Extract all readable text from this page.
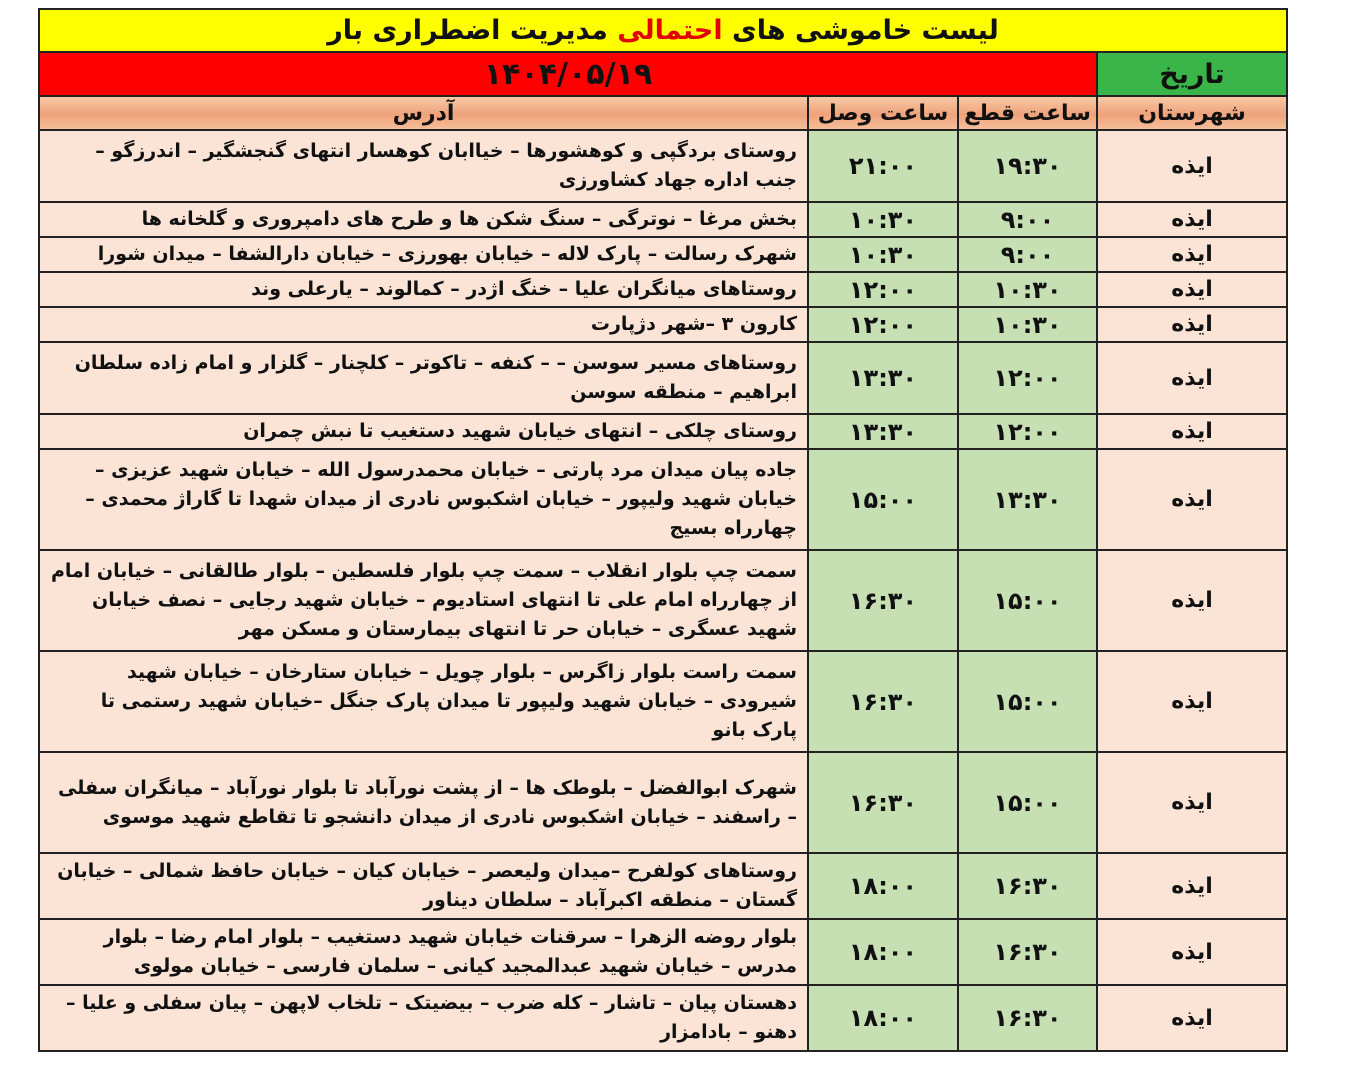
لیست خاموشی های احتمالی مدیریت اضطراری بار			
تاریخ	۱۴۰۴/۰۵/۱۹		
شهرستان	ساعت قطع	ساعت وصل	آدرس
ایذه	۱۹:۳۰	۲۱:۰۰	روستای بردگپی و کوهشورها – خیاابان کوهسار انتهای گنجشگیر – اندرزگو – جنب اداره جهاد کشاورزی
ایذه	۹:۰۰	۱۰:۳۰	بخش مرغا – نوترگی – سنگ شکن ها و طرح های دامپروری و گلخانه ها
ایذه	۹:۰۰	۱۰:۳۰	شهرک رسالت – پارک لاله – خیابان بهورزی – خیابان دارالشفا – میدان شورا
ایذه	۱۰:۳۰	۱۲:۰۰	روستاهای میانگران علیا – خنگ اژدر – کمالوند – یارعلی وند
ایذه	۱۰:۳۰	۱۲:۰۰	کارون ۳ –شهر دژپارت
ایذه	۱۲:۰۰	۱۳:۳۰	روستاهای مسیر سوسن – – کنفه – تاکوتر – کلچنار – گلزار و امام زاده سلطان ابراهیم – منطقه سوسن
ایذه	۱۲:۰۰	۱۳:۳۰	روستای چلکی – انتهای خیابان شهید دستغیب تا نبش چمران
ایذه	۱۳:۳۰	۱۵:۰۰	جاده پیان میدان مرد پارتی – خیابان محمدرسول الله – خیابان شهید عزیزی – خیابان شهید ولیپور – خیابان اشکبوس نادری از میدان شهدا تا گاراژ محمدی – چهارراه بسیج
ایذه	۱۵:۰۰	۱۶:۳۰	سمت چپ بلوار انقلاب – سمت چپ بلوار فلسطین – بلوار طالقانی – خیابان امام از چهارراه امام علی تا انتهای استادیوم – خیابان شهید رجایی – نصف خیابان شهید عسگری – خیابان حر تا انتهای بیمارستان و مسکن مهر
ایذه	۱۵:۰۰	۱۶:۳۰	سمت راست بلوار زاگرس – بلوار چویل – خیابان ستارخان – خیابان شهید شیرودی – خیابان شهید ولیپور تا میدان پارک جنگل –خیابان شهید رستمی تا پارک بانو
ایذه	۱۵:۰۰	۱۶:۳۰	شهرک ابوالفضل – بلوطک ها – از پشت نورآباد تا بلوار نورآباد – میانگران سفلی – راسفند – خیابان اشکبوس نادری از میدان دانشجو تا تقاطع شهید موسوی
ایذه	۱۶:۳۰	۱۸:۰۰	روستاهای کولفرح –میدان ولیعصر – خیابان کیان – خیابان حافظ شمالی – خیابان گستان – منطقه اکبرآباد – سلطان دیناور
ایذه	۱۶:۳۰	۱۸:۰۰	بلوار روضه الزهرا – سرقنات خیابان شهید دستغیب – بلوار امام رضا – بلوار مدرس – خیابان شهید عبدالمجید کیانی – سلمان فارسی – خیابان مولوی
ایذه	۱۶:۳۰	۱۸:۰۰	دهستان پیان – تاشار – کله ضرب – بیضیتک – تلخاب لاپهن – پیان سفلی و علیا – دهنو – بادامزار
